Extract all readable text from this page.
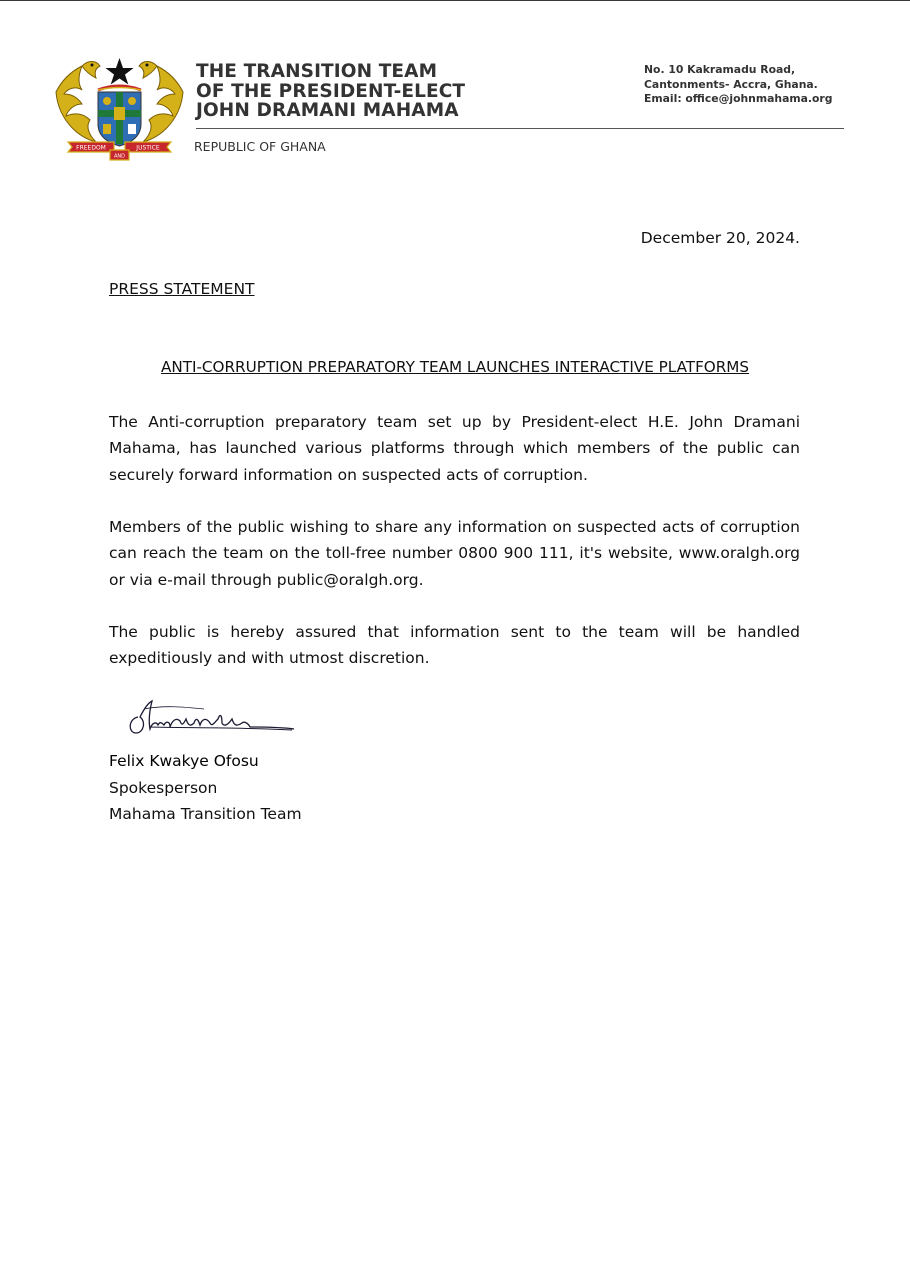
FREEDOM
AND
JUSTICE
THE TRANSITION TEAM
OF THE PRESIDENT-ELECT
JOHN DRAMANI MAHAMA
No. 10 Kakramadu Road,
Cantonments- Accra, Ghana.
Email: office@johnmahama.org
REPUBLIC OF GHANA
December 20, 2024.
PRESS STATEMENT
ANTI-CORRUPTION PREPARATORY TEAM LAUNCHES INTERACTIVE PLATFORMS
The Anti-corruption preparatory team set up by President-elect H.E. John Dramani Mahama, has launched various platforms through which members of the public can securely forward information on suspected acts of corruption.
Members of the public wishing to share any information on suspected acts of corruption can reach the team on the toll-free number 0800 900 111, it's website, www.oralgh.org or via e-mail through public@oralgh.org.
The public is hereby assured that information sent to the team will be handled expeditiously and with utmost discretion.
Felix Kwakye Ofosu
Spokesperson
Mahama Transition Team
